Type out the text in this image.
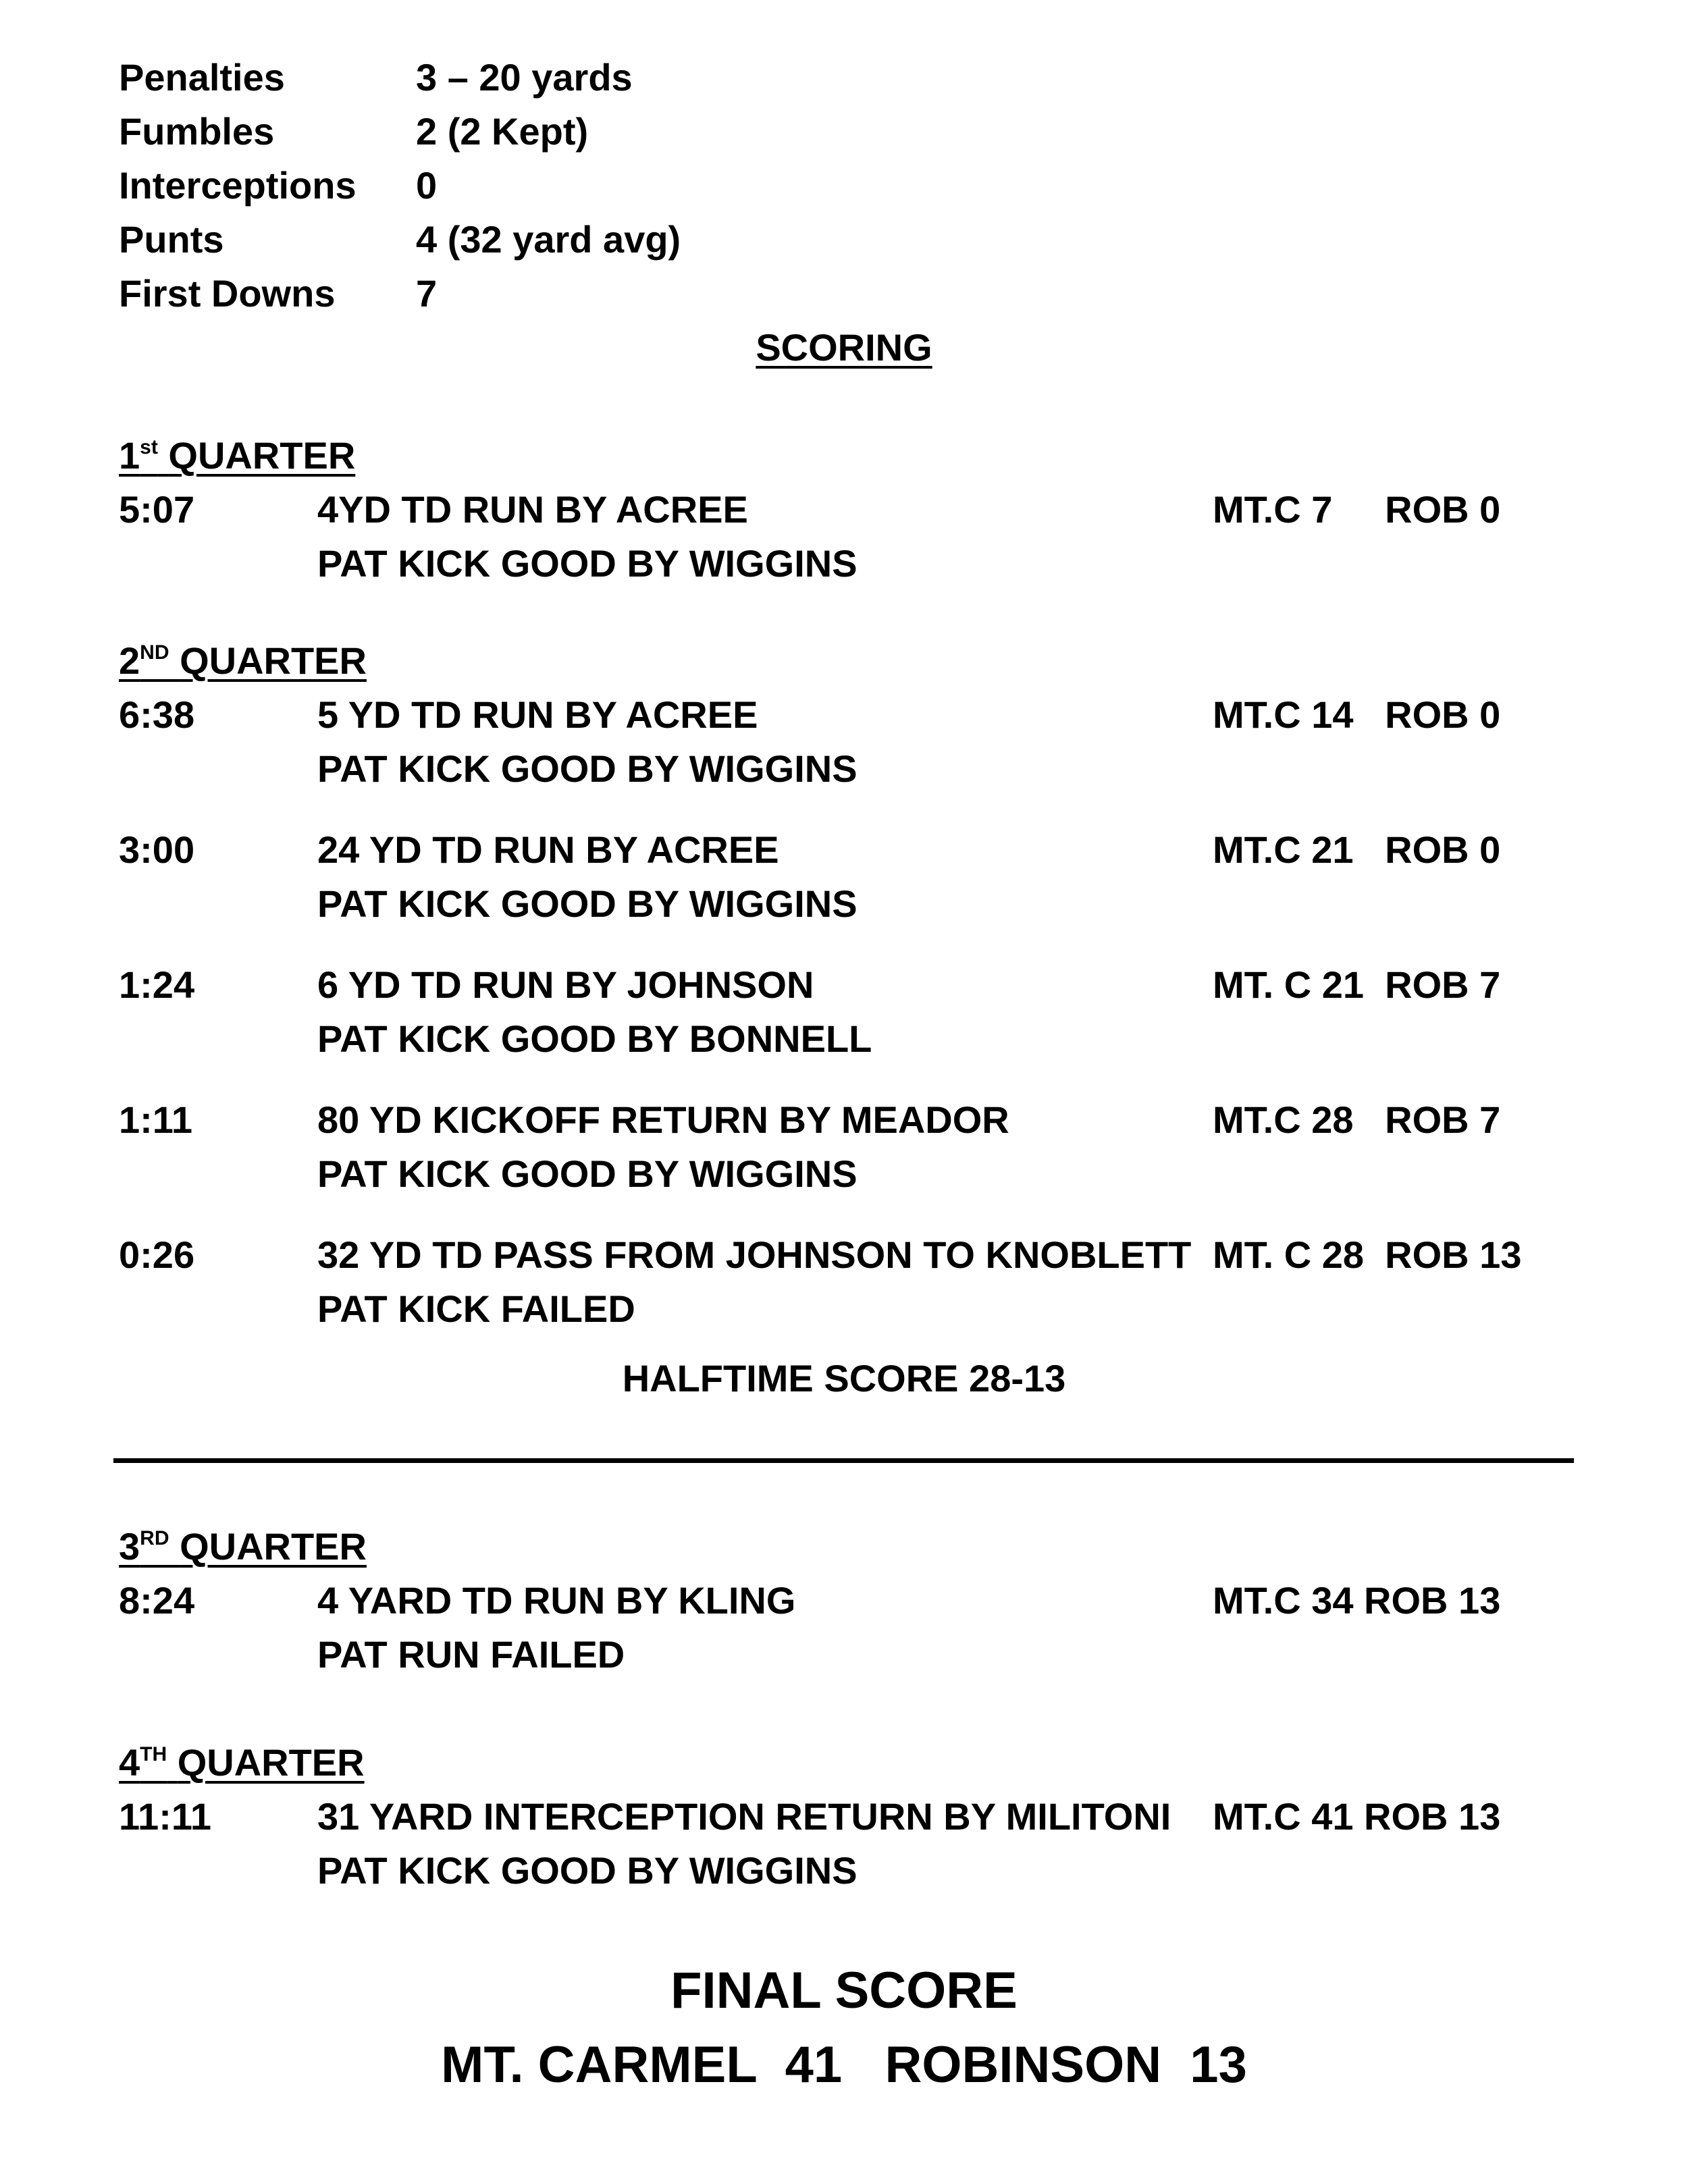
Penalties	3 – 20 yards
Fumbles	2 (2 Kept)
Interceptions 0
Punts	4 (32 yard avg)
First Downs 7
SCORING
1st QUARTER
5:07	4YD TD RUN BY ACREE
PAT KICK GOOD BY WIGGINS
MT.C 7     ROB 0
2ND QUARTER
6:38	5 YD TD RUN BY ACREE
PAT KICK GOOD BY WIGGINS
MT.C 14   ROB 0
3:00	24 YD TD RUN BY ACREE
PAT KICK GOOD BY WIGGINS
MT.C 21   ROB 0
1:24	6 YD TD RUN BY JOHNSON
PAT KICK GOOD BY BONNELL
MT. C 21  ROB 7
1:11	80 YD KICKOFF RETURN BY MEADOR
PAT KICK GOOD BY WIGGINS
MT.C 28   ROB 7
0:26	32 YD TD PASS FROM JOHNSON TO KNOBLETT
PAT KICK FAILED
MT. C 28  ROB 13
HALFTIME SCORE 28-13
3RD QUARTER
8:24	4 YARD TD RUN BY KLING
PAT RUN FAILED
MT.C 34 ROB 13
4TH QUARTER
11:11	31 YARD INTERCEPTION RETURN BY MILITONI
PAT KICK GOOD BY WIGGINS
MT.C 41 ROB 13
FINAL SCORE
MT. CARMEL  41   ROBINSON  13
